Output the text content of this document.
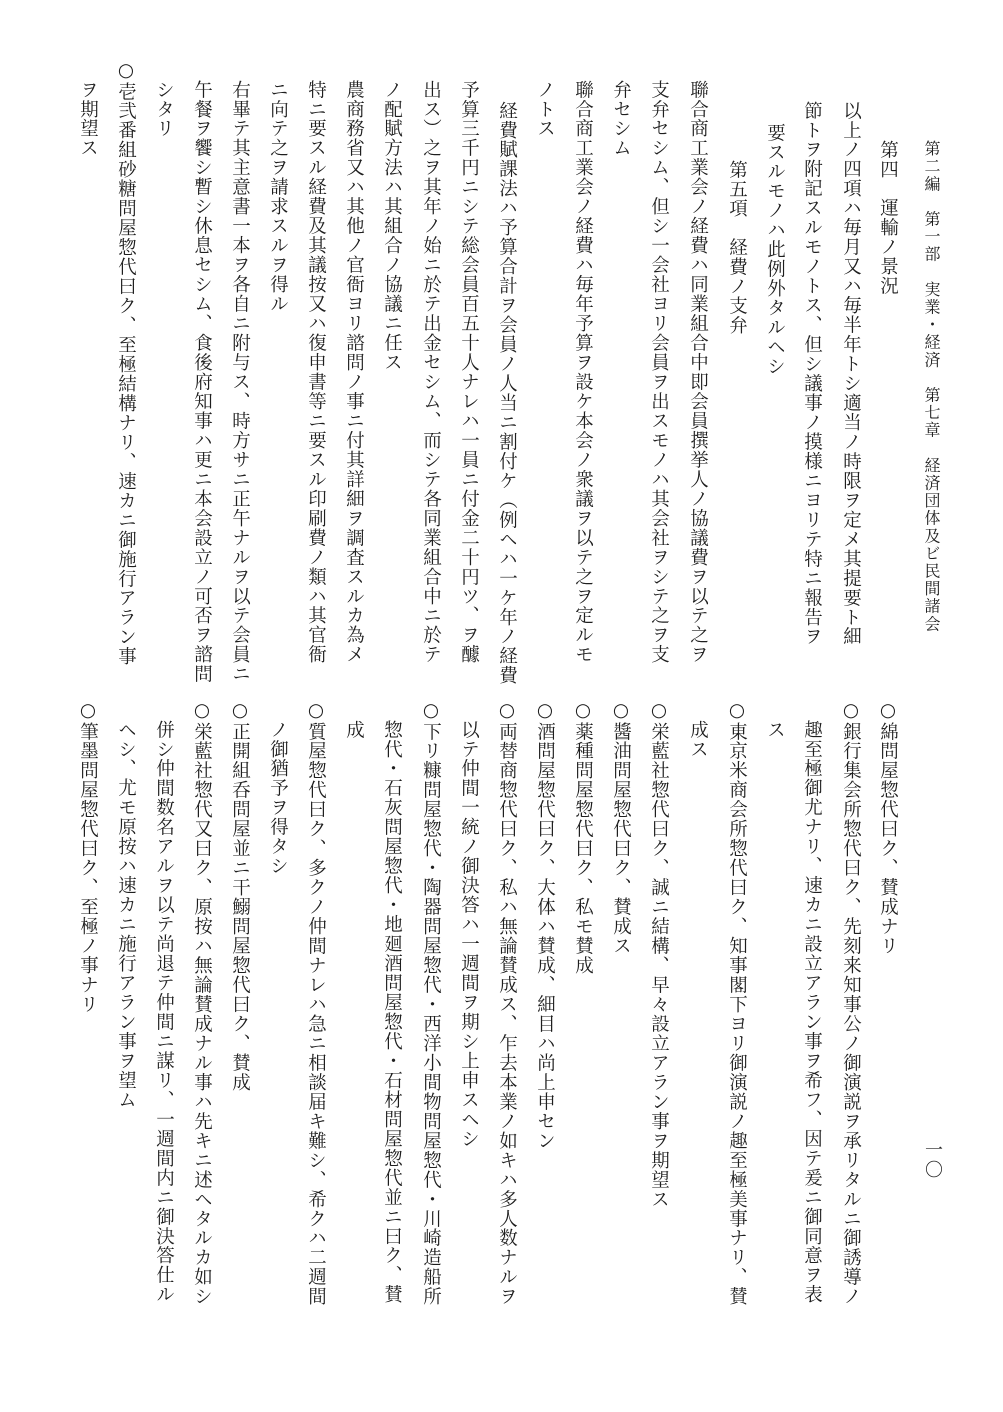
第二編　第一部　実業・経済　第七章　経済団体及ビ民間諸会
一〇
第四　運輸ノ景況
以上ノ四項ハ毎月又ハ毎半年トシ適当ノ時限ヲ定メ其提要ト細
節トヲ附記スルモノトス、但シ議事ノ摸様ニヨリテ特ニ報告ヲ
要スルモノハ此例外タルヘシ
第五項　経費ノ支弁
聯合商工業会ノ経費ハ同業組合中即会員撰挙人ノ協議費ヲ以テ之ヲ
支弁セシム、但シ一会社ヨリ会員ヲ出スモノハ其会社ヲシテ之ヲ支
弁セシム
聯合商工業会ノ経費ハ毎年予算ヲ設ケ本会ノ衆議ヲ以テ之ヲ定ルモ
ノトス
経費賦課法ハ予算合計ヲ会員ノ人当ニ割付ケ（例ヘハ一ケ年ノ経費
予算三千円ニシテ総会員百五十人ナレハ一員ニ付金二十円ツ、ヲ醵
出ス）之ヲ其年ノ始ニ於テ出金セシム、而シテ各同業組合中ニ於テ
ノ配賦方法ハ其組合ノ協議ニ任ス
農商務省又ハ其他ノ官衙ヨリ諮問ノ事ニ付其詳細ヲ調査スルカ為メ
特ニ要スル経費及其議按又ハ復申書等ニ要スル印刷費ノ類ハ其官衙
ニ向テ之ヲ請求スルヲ得ル
右畢テ其主意書一本ヲ各自ニ附与ス、時方サニ正午ナルヲ以テ会員ニ
午餐ヲ饗シ暫シ休息セシム、食後府知事ハ更ニ本会設立ノ可否ヲ諮問
シタリ
○壱弐番組砂糖問屋惣代曰ク、至極結構ナリ、速カニ御施行アラン事
ヲ期望ス
○綿問屋惣代曰ク、賛成ナリ
○銀行集会所惣代曰ク、先刻来知事公ノ御演説ヲ承リタルニ御誘導ノ
趣至極御尤ナリ、速カニ設立アラン事ヲ希フ、因テ爰ニ御同意ヲ表
ス
○東京米商会所惣代曰ク、知事閣下ヨリ御演説ノ趣至極美事ナリ、賛
成ス
○栄藍社惣代曰ク、誠ニ結構、早々設立アラン事ヲ期望ス
○醬油問屋惣代曰ク、賛成ス
○薬種問屋惣代曰ク、私モ賛成
○酒問屋惣代曰ク、大体ハ賛成、細目ハ尚上申セン
○両替商惣代曰ク、私ハ無論賛成ス、乍去本業ノ如キハ多人数ナルヲ
以テ仲間一統ノ御決答ハ一週間ヲ期シ上申スヘシ
○下リ糠問屋惣代・陶器問屋惣代・西洋小間物問屋惣代・川崎造船所
惣代・石灰問屋惣代・地廻酒問屋惣代・石材問屋惣代並ニ曰ク、賛
成
○質屋惣代曰ク、多クノ仲間ナレハ急ニ相談届キ難シ、希クハ二週間
ノ御猶予ヲ得タシ
○正開組呑問屋並ニ干鰯問屋惣代曰ク、賛成
○栄藍社惣代又曰ク、原按ハ無論賛成ナル事ハ先キニ述ヘタルカ如シ
併シ仲間数名アルヲ以テ尚退テ仲間ニ謀リ、一週間内ニ御決答仕ル
ヘシ、尤モ原按ハ速カニ施行アラン事ヲ望ム
○筆墨問屋惣代曰ク、至極ノ事ナリ
